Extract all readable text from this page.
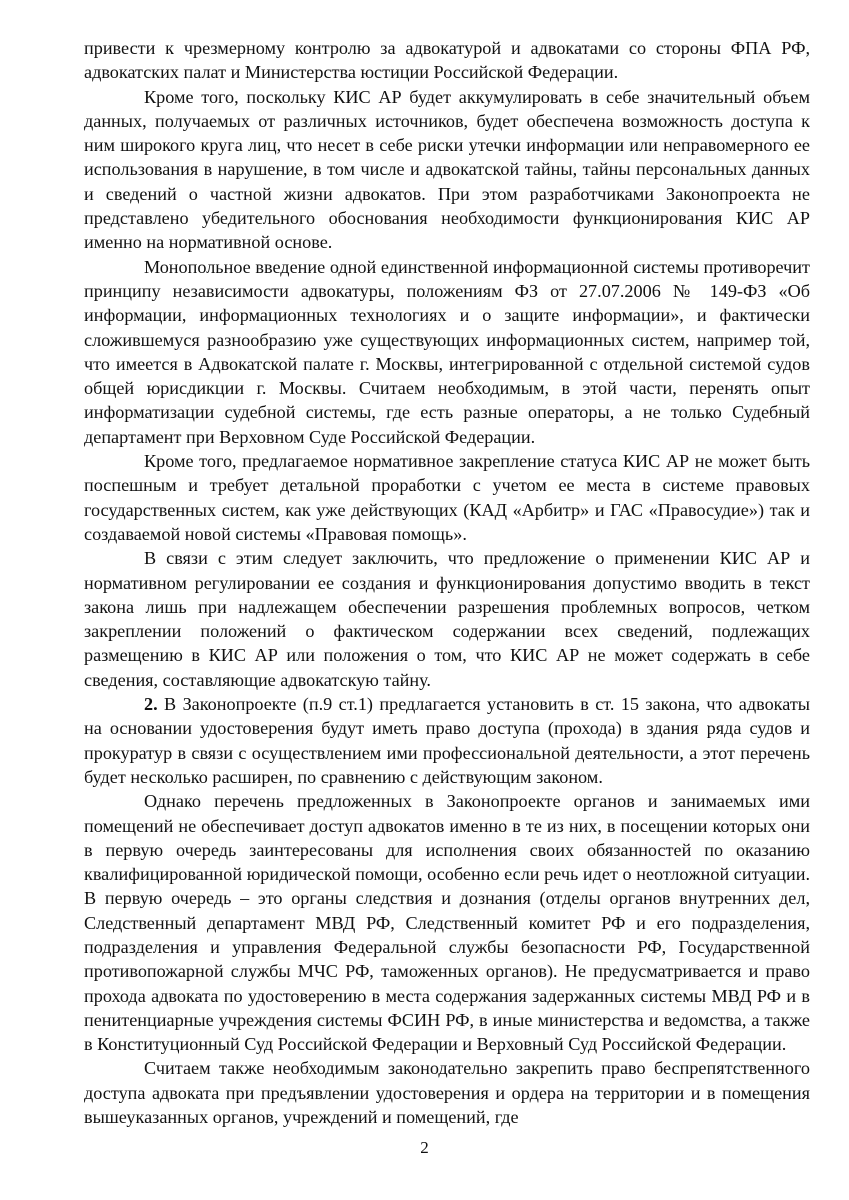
привести к чрезмерному контролю за адвокатурой и адвокатами со стороны ФПА РФ, адвокатских палат и Министерства юстиции Российской Федерации.

Кроме того, поскольку КИС АР будет аккумулировать в себе значительный объем данных, получаемых от различных источников, будет обеспечена возможность доступа к ним широкого круга лиц, что несет в себе риски утечки информации или неправомерного ее использования в нарушение, в том числе и адвокатской тайны, тайны персональных данных и сведений о частной жизни адвокатов. При этом разработчиками Законопроекта не представлено убедительного обоснования необходимости функционирования КИС АР именно на нормативной основе.

Монопольное введение одной единственной информационной системы противоречит принципу независимости адвокатуры, положениям ФЗ от 27.07.2006 № 149-ФЗ «Об информации, информационных технологиях и о защите информации», и фактически сложившемуся разнообразию уже существующих информационных систем, например той, что имеется в Адвокатской палате г. Москвы, интегрированной с отдельной системой судов общей юрисдикции г. Москвы. Считаем необходимым, в этой части, перенять опыт информатизации судебной системы, где есть разные операторы, а не только Судебный департамент при Верховном Суде Российской Федерации.

Кроме того, предлагаемое нормативное закрепление статуса КИС АР не может быть поспешным и требует детальной проработки с учетом ее места в системе правовых государственных систем, как уже действующих (КАД «Арбитр» и ГАС «Правосудие») так и создаваемой новой системы «Правовая помощь».

В связи с этим следует заключить, что предложение о применении КИС АР и нормативном регулировании ее создания и функционирования допустимо вводить в текст закона лишь при надлежащем обеспечении разрешения проблемных вопросов, четком закреплении положений о фактическом содержании всех сведений, подлежащих размещению в КИС АР или положения о том, что КИС АР не может содержать в себе сведения, составляющие адвокатскую тайну.

2. В Законопроекте (п.9 ст.1) предлагается установить в ст. 15 закона, что адвокаты на основании удостоверения будут иметь право доступа (прохода) в здания ряда судов и прокуратур в связи с осуществлением ими профессиональной деятельности, а этот перечень будет несколько расширен, по сравнению с действующим законом.

Однако перечень предложенных в Законопроекте органов и занимаемых ими помещений не обеспечивает доступ адвокатов именно в те из них, в посещении которых они в первую очередь заинтересованы для исполнения своих обязанностей по оказанию квалифицированной юридической помощи, особенно если речь идет о неотложной ситуации. В первую очередь – это органы следствия и дознания (отделы органов внутренних дел, Следственный департамент МВД РФ, Следственный комитет РФ и его подразделения, подразделения и управления Федеральной службы безопасности РФ, Государственной противопожарной службы МЧС РФ, таможенных органов). Не предусматривается и право прохода адвоката по удостоверению в места содержания задержанных системы МВД РФ и в пенитенциарные учреждения системы ФСИН РФ, в иные министерства и ведомства, а также в Конституционный Суд Российской Федерации и Верховный Суд Российской Федерации.

Считаем также необходимым законодательно закрепить право беспрепятственного доступа адвоката при предъявлении удостоверения и ордера на территории и в помещения вышеуказанных органов, учреждений и помещений, где

2
